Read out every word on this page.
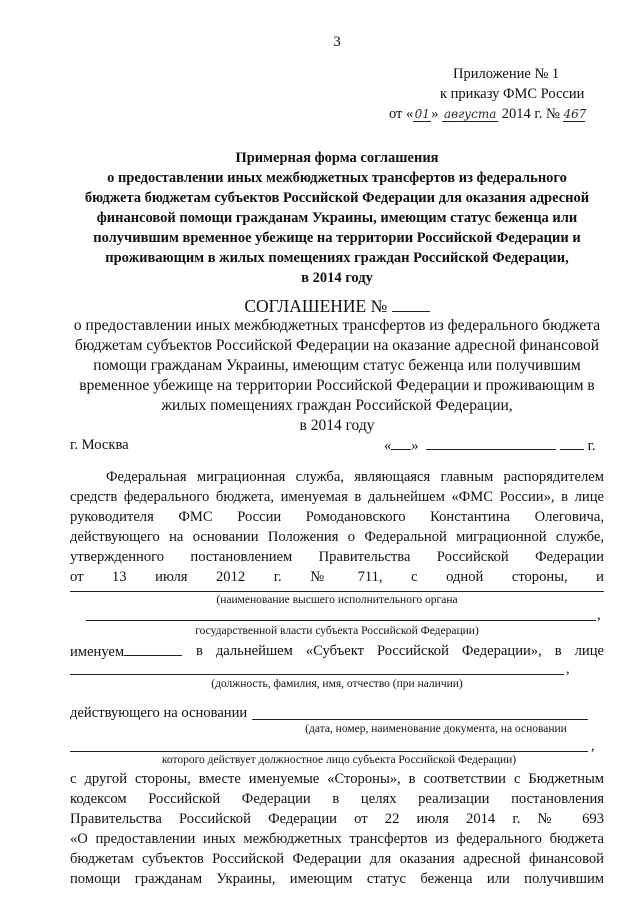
3
Приложение № 1
к приказу ФМС России
от «01» августа 2014 г. № 467
Примерная форма соглашения
о предоставлении иных межбюджетных трансфертов из федерального
бюджета бюджетам субъектов Российской Федерации для оказания адресной
финансовой помощи гражданам Украины, имеющим статус беженца или
получившим временное убежище на территории Российской Федерации и
проживающим в жилых помещениях граждан Российской Федерации,
в 2014 году
СОГЛАШЕНИЕ №
о предоставлении иных межбюджетных трансфертов из федерального бюджета
бюджетам субъектов Российской Федерации на оказание адресной финансовой
помощи гражданам Украины, имеющим статус беженца или получившим
временное убежище на территории Российской Федерации и проживающим в
жилых помещениях граждан Российской Федерации,
в 2014 году
г. Москва	« »	г.
Федеральная миграционная служба, являющаяся главным распорядителем
средств федерального бюджета, именуемая в дальнейшем «ФМС России», в лице
руководителя ФМС России Ромодановского Константина Олеговича,
действующего на основании Положения о Федеральной миграционной службе,
утвержденного постановлением Правительства Российской Федерации
от 13 июля 2012 г. № 711, с одной стороны, и
(наименование высшего исполнительного органа
,
государственной власти субъекта Российской Федерации)
именуем	в дальнейшем «Субъект Российской Федерации», в лице
,
(должность, фамилия, имя, отчество (при наличии)
действующего на основании
(дата, номер, наименование документа, на основании
,
которого действует должностное лицо субъекта Российской Федерации)
с другой стороны, вместе именуемые «Стороны», в соответствии с Бюджетным
кодексом Российской Федерации в целях реализации постановления
Правительства Российской Федерации от 22 июля 2014 г. № 693
«О предоставлении иных межбюджетных трансфертов из федерального бюджета
бюджетам субъектов Российской Федерации для оказания адресной финансовой
помощи гражданам Украины, имеющим статус беженца или получившим
